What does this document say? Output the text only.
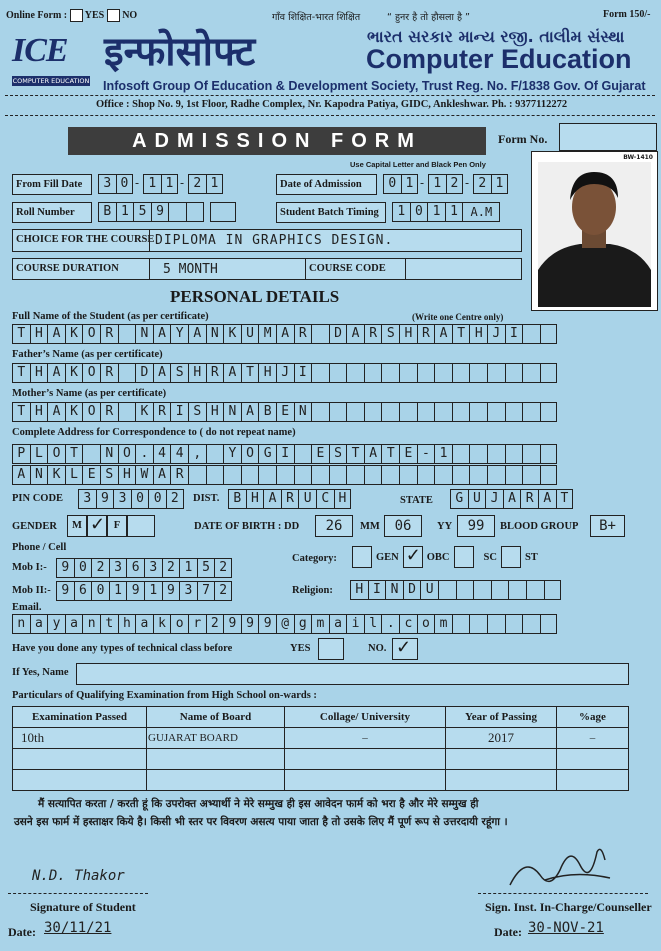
Online Form : YES NO	गाँव शिक्षित-भारत शिक्षित	“ हुनर है तो हौसला है ”	Form 150/-
ICE
COMPUTER EDUCATION
इन्फोसोफ्ट	ભારત સરકાર માન્ય રજી. તાલીમ સંસ્થા
Computer Education
Infosoft Group Of Education & Development Society, Trust Reg. No. F/1838 Gov. Of Gujarat
Office : Shop No. 9, 1st Floor, Radhe Complex, Nr. Kapodra Patiya, GIDC, Ankleshwar. Ph. : 9377112272
ADMISSION FORM	Form No.
Use Capital Letter and Black Pen Only
BW-1410
From Fill Date	3 0 - 1 1 - 2 1	Date of Admission	0 1 - 1 2 - 2 1
Roll Number	B 1 5 9	Student Batch Timing	1 0 1 1	A.M
CHOICE FOR THE COURSE DIPLOMA IN GRAPHICS DESIGN.
COURSE DURATION	5 MONTH	COURSE CODE
PERSONAL DETAILS
Full Name of the Student (as per certificate)	(Write one Centre only)
T H A K O R	N A Y A N K U M A R	D A R S H R A T H J I
Father’s Name (as per certificate)
T H A K O R	D A S H R A T H J I
Mother’s Name (as per certificate)
T H A K O R	K R I S H N A B E N
Complete Address for Correspondence to ( do not repeat name)
P L O T	N O . 4 4 ,	Y O G I	E S T A T E - 1
A N K L E S H W A R
PIN CODE	3 9 3 0 0 2	DIST.	B H A R U C H	STATE	G U J A R A T
GENDER	M ✓ F	DATE OF BIRTH : DD	26	MM	06	YY	99	BLOOD GROUP	B+
Phone / Cell
Category:	GEN ✓ OBC	SC	ST
Mob I:-	9 0 2 3 6 3 2 1 5 2
Mob II:- 9 6 0 1 9 1 9 3 7 2	Religion:	H I N D U
Email.
n a y a n t h a k o r 2 9 9 9 @ g m a i l . c o m
Have you done any types of technical class before	YES	NO. ✓
If Yes, Name
Particulars of Qualifying Examination from High School on-wards :
Examination Passed	Name of Board	Collage/ University	Year of Passing	%age
10th	GUJARAT BOARD	–	2017	–

मैं सत्यापित करता / करती हूं कि उपरोक्त अभ्यार्थी ने मेरे सम्मुख ही इस आवेदन फार्म को भरा है और मेरे सम्मुख ही
उसने इस फार्म में हस्ताक्षर किये है। किसी भी स्तर पर विवरण असत्य पाया जाता है तो उसके लिए मैं पूर्ण रूप से उत्तरदायी रहूंगा ।
N.D. Thakor
Signature of Student
Date: 30/11/21
Sign. Inst. In-Charge/Counseller
Date: 30-NOV-21
